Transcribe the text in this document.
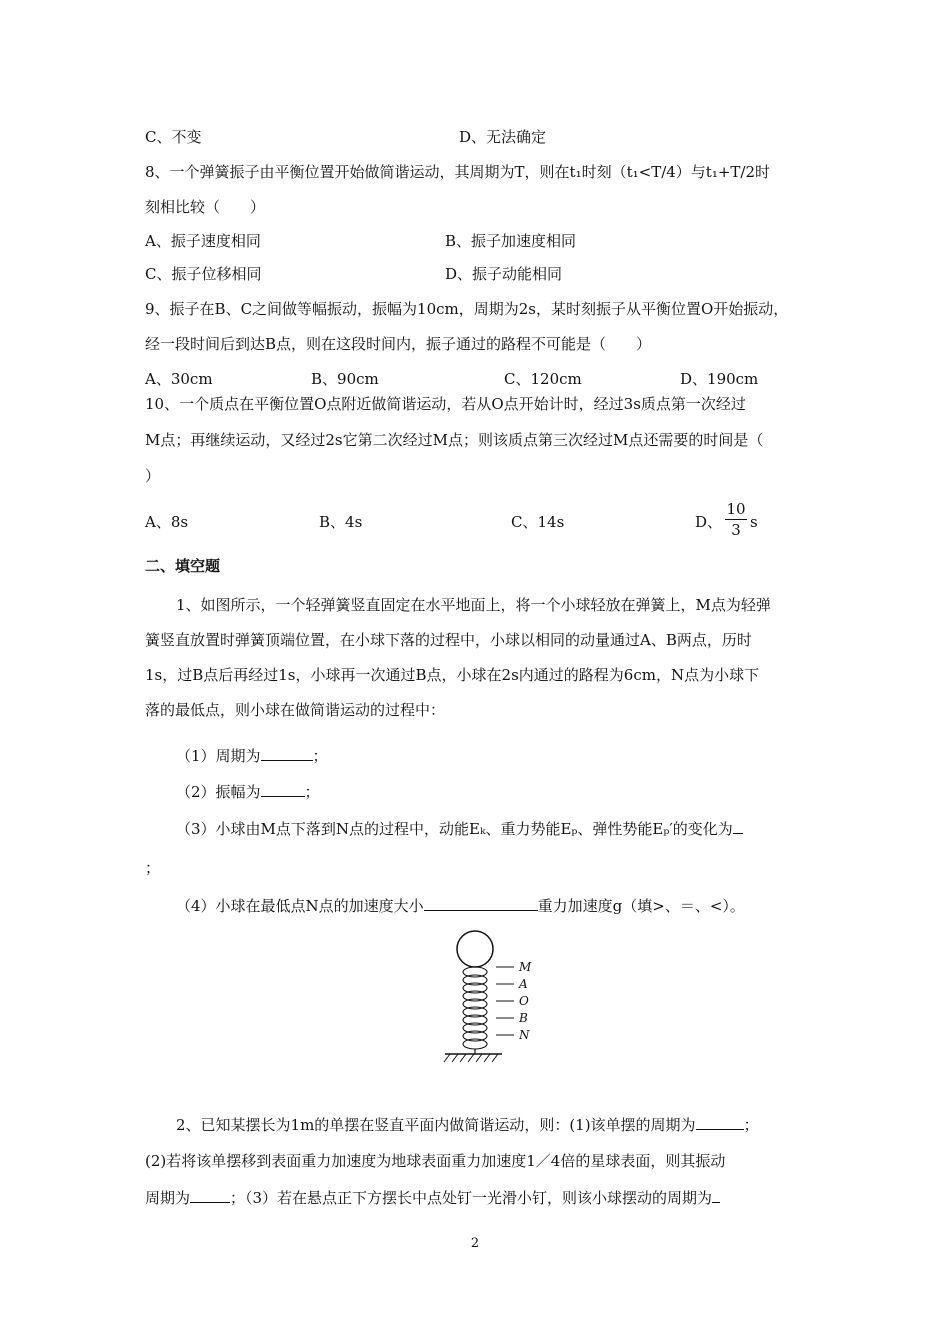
C、不变	D、无法确定
8、一个弹簧振子由平衡位置开始做简谐运动，其周期为T，则在t₁时刻（t₁<T/4）与t₁+T/2时
刻相比较（　　）
A、振子速度相同	B、振子加速度相同
C、振子位移相同	D、振子动能相同
9、振子在B、C之间做等幅振动，振幅为10cm，周期为2s，某时刻振子从平衡位置O开始振动，
经一段时间后到达B点，则在这段时间内，振子通过的路程不可能是（　　）
A、30cm	B、90cm	C、120cm	D、190cm
10、一个质点在平衡位置O点附近做简谐运动，若从O点开始计时，经过3s质点第一次经过
M点；再继续运动，又经过2s它第二次经过M点；则该质点第三次经过M点还需要的时间是（
）
A、8s	B、4s	C、14s	D、
10
3 s
二、填空题
1、如图所示，一个轻弹簧竖直固定在水平地面上，将一个小球轻放在弹簧上，M点为轻弹
簧竖直放置时弹簧顶端位置，在小球下落的过程中，小球以相同的动量通过A、B两点，历时
1s，过B点后再经过1s，小球再一次通过B点，小球在2s内通过的路程为6cm，N点为小球下
落的最低点，则小球在做简谐运动的过程中：
（1）周期为	；
（2）振幅为	；
（3）小球由M点下落到N点的过程中，动能Eₖ、重力势能Eₚ、弹性势能Eₚ′的变化为
；
（4）小球在最低点N点的加速度大小	重力加速度g（填>、＝、<）。
M
A
O
B
N
2、已知某摆长为1m的单摆在竖直平面内做简谐运动，则：(1)该单摆的周期为	；
(2)若将该单摆移到表面重力加速度为地球表面重力加速度1／4倍的星球表面，则其振动
周期为	；（3）若在悬点正下方摆长中点处钉一光滑小钉，则该小球摆动的周期为
2
